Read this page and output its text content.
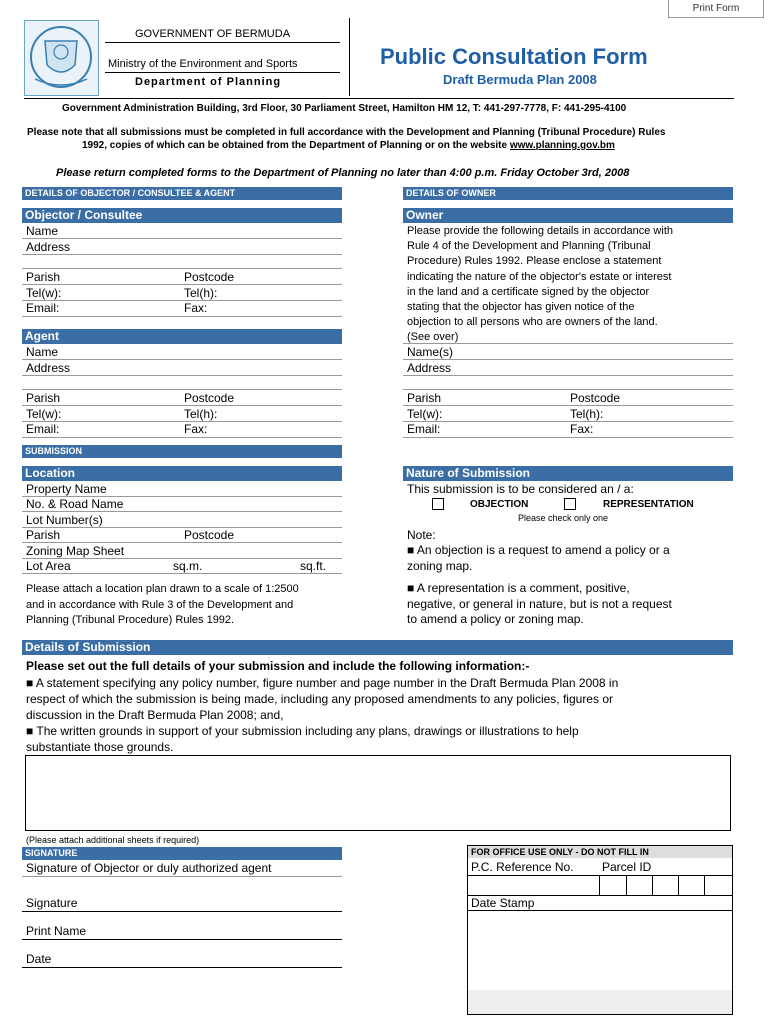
Print Form
GOVERNMENT OF BERMUDA
Ministry of the Environment and Sports
Department of Planning
Public Consultation Form
Draft Bermuda Plan 2008
Government Administration Building, 3rd Floor, 30 Parliament Street, Hamilton HM 12, T: 441-297-7778, F: 441-295-4100
Please note that all submissions must be completed in full accordance with the Development and Planning (Tribunal Procedure) Rules
1992, copies of which can be obtained from the Department of Planning or on the website www.planning.gov.bm
Please return completed forms to the Department of Planning no later than 4:00 p.m. Friday October 3rd, 2008
DETAILS OF OBJECTOR / CONSULTEE & AGENT	DETAILS OF OWNER
Objector / Consultee	Owner
Name
Address
Parish	Postcode
Tel(w):	Tel(h):
Email:	Fax:
Please provide the following details in accordance with
Rule 4 of the Development and Planning (Tribunal
Procedure) Rules 1992. Please enclose a statement
indicating the nature of the objector's estate or interest
in the land and a certificate signed by the objector
stating that the objector has given notice of the
objection to all persons who are owners of the land.
(See over)
Agent
Name
Address
Parish	Postcode
Tel(w):	Tel(h):
Email:	Fax:
Name(s)
Address
Parish	Postcode
Tel(w):	Tel(h):
Email:	Fax:
SUBMISSION
Location	Nature of Submission
Property Name
No. & Road Name
Lot Number(s)
Parish	Postcode
Zoning Map Sheet
Lot Area	sq.m.	sq.ft.
Please attach a location plan drawn to a scale of 1:2500
and in accordance with Rule 3 of the Development and
Planning (Tribunal Procedure) Rules 1992.
This submission is to be considered an / a:
OBJECTION	REPRESENTATION
Please check only one
Note:
■ An objection is a request to amend a policy or a
zoning map.
■ A representation is a comment, positive,
negative, or general in nature, but is not a request
to amend a policy or zoning map.
Details of Submission
Please set out the full details of your submission and include the following information:-
■ A statement specifying any policy number, figure number and page number in the Draft Bermuda Plan 2008 in
respect of which the submission is being made, including any proposed amendments to any policies, figures or
discussion in the Draft Bermuda Plan 2008; and,
■ The written grounds in support of your submission including any plans, drawings or illustrations to help
substantiate those grounds.
(Please attach additional sheets if required)
SIGNATURE
Signature of Objector or duly authorized agent
Signature
Print Name
Date
FOR OFFICE USE ONLY - DO NOT FILL IN
P.C. Reference No. Parcel ID
Date Stamp
